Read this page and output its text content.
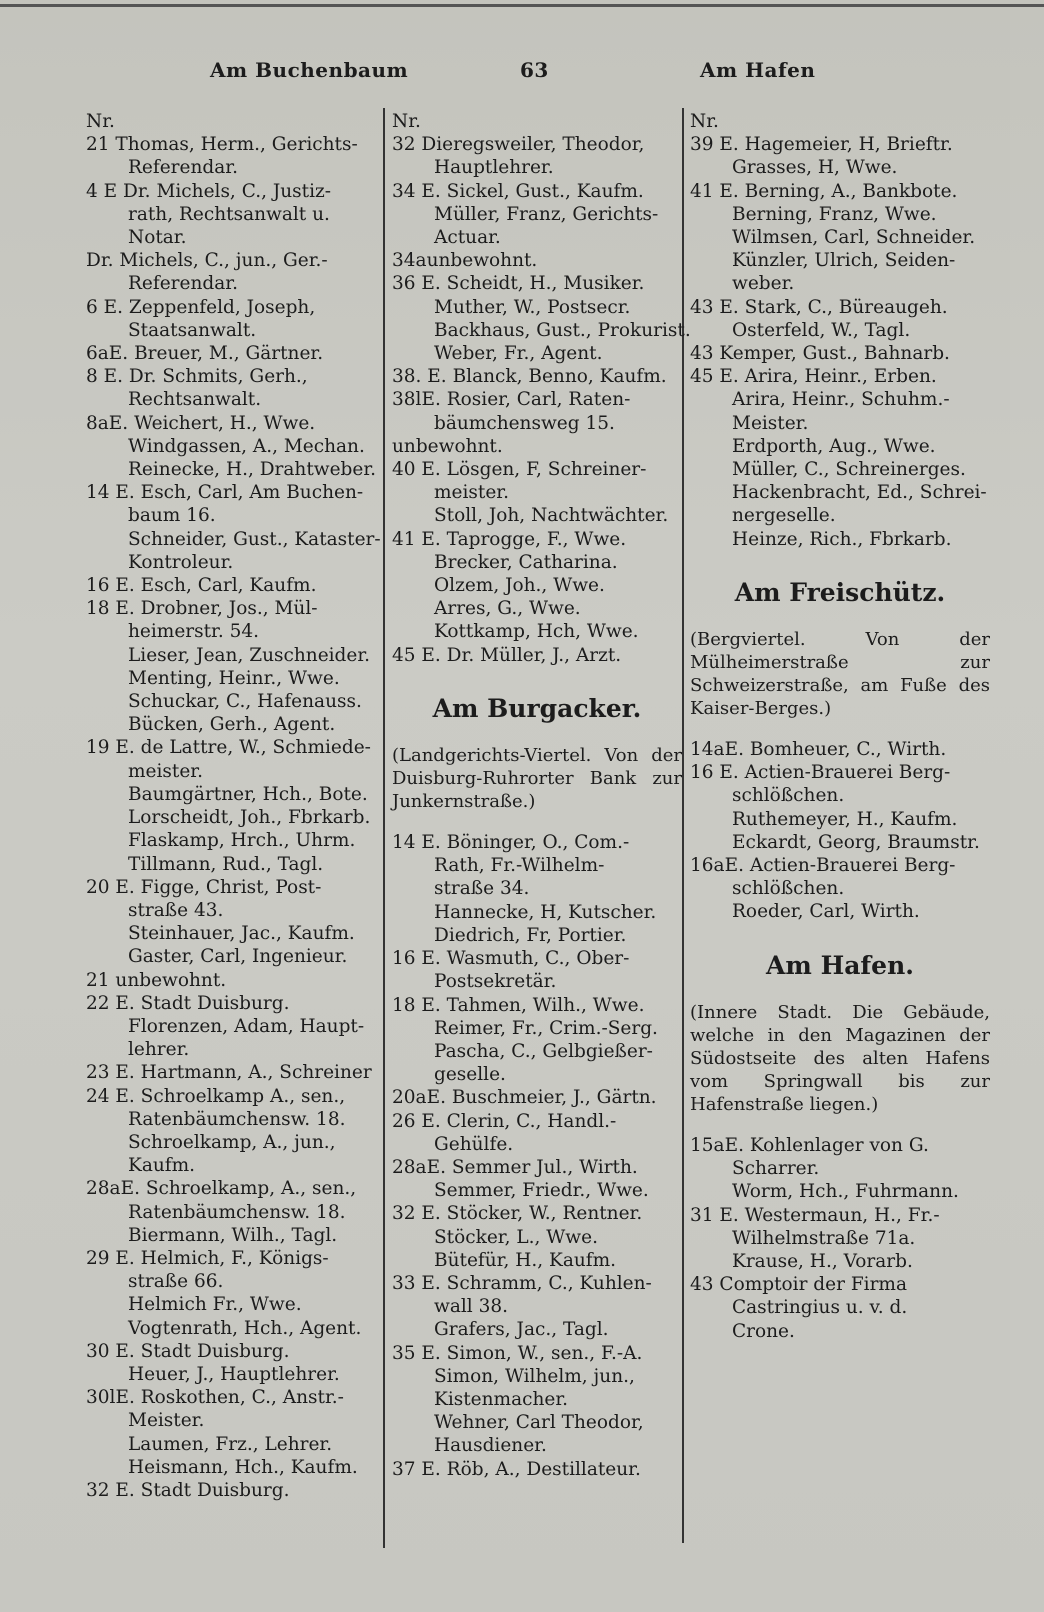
Am Buchenbaum	63	Am Hafen
Nr.
21 Thomas, Herm., Gerichts-
Referendar.
4 E Dr. Michels, C., Justiz-
rath, Rechtsanwalt u.
Notar.
Dr. Michels, C., jun., Ger.-
Referendar.
6 E. Zeppenfeld, Joseph,
Staatsanwalt.
6aE. Breuer, M., Gärtner.
8 E. Dr. Schmits, Gerh.,
Rechtsanwalt.
8aE. Weichert, H., Wwe.
Windgassen, A., Mechan.
Reinecke, H., Drahtweber.
14 E. Esch, Carl, Am Buchen-
baum 16.
Schneider, Gust., Kataster-
Kontroleur.
16 E. Esch, Carl, Kaufm.
18 E. Drobner, Jos., Mül-
heimerstr. 54.
Lieser, Jean, Zuschneider.
Menting, Heinr., Wwe.
Schuckar, C., Hafenauss.
Bücken, Gerh., Agent.
19 E. de Lattre, W., Schmiede-
meister.
Baumgärtner, Hch., Bote.
Lorscheidt, Joh., Fbrkarb.
Flaskamp, Hrch., Uhrm.
Tillmann, Rud., Tagl.
20 E. Figge, Christ, Post-
straße 43.
Steinhauer, Jac., Kaufm.
Gaster, Carl, Ingenieur.
21 unbewohnt.
22 E. Stadt Duisburg.
Florenzen, Adam, Haupt-
lehrer.
23 E. Hartmann, A., Schreiner
24 E. Schroelkamp A., sen.,
Ratenbäumchensw. 18.
Schroelkamp, A., jun.,
Kaufm.
28aE. Schroelkamp, A., sen.,
Ratenbäumchensw. 18.
Biermann, Wilh., Tagl.
29 E. Helmich, F., Königs-
straße 66.
Helmich Fr., Wwe.
Vogtenrath, Hch., Agent.
30 E. Stadt Duisburg.
Heuer, J., Hauptlehrer.
30lE. Roskothen, C., Anstr.-
Meister.
Laumen, Frz., Lehrer.
Heismann, Hch., Kaufm.
32 E. Stadt Duisburg.
Nr.
32 Dieregsweiler, Theodor,
Hauptlehrer.
34 E. Sickel, Gust., Kaufm.
Müller, Franz, Gerichts-
Actuar.
34aunbewohnt.
36 E. Scheidt, H., Musiker.
Muther, W., Postsecr.
Backhaus, Gust., Prokurist.
Weber, Fr., Agent.
38. E. Blanck, Benno, Kaufm.
38lE. Rosier, Carl, Raten-
bäumchensweg 15.
unbewohnt.
40 E. Lösgen, F, Schreiner-
meister.
Stoll, Joh, Nachtwächter.
41 E. Taprogge, F., Wwe.
Brecker, Catharina.
Olzem, Joh., Wwe.
Arres, G., Wwe.
Kottkamp, Hch, Wwe.
45 E. Dr. Müller, J., Arzt.
Am Burgacker.
(Landgerichts-Viertel. Von der Duisburg-Ruhrorter Bank zur Junkernstraße.)
14 E. Böninger, O., Com.-
Rath, Fr.-Wilhelm-
straße 34.
Hannecke, H, Kutscher.
Diedrich, Fr, Portier.
16 E. Wasmuth, C., Ober-
Postsekretär.
18 E. Tahmen, Wilh., Wwe.
Reimer, Fr., Crim.-Serg.
Pascha, C., Gelbgießer-
geselle.
20aE. Buschmeier, J., Gärtn.
26 E. Clerin, C., Handl.-
Gehülfe.
28aE. Semmer Jul., Wirth.
Semmer, Friedr., Wwe.
32 E. Stöcker, W., Rentner.
Stöcker, L., Wwe.
Bütefür, H., Kaufm.
33 E. Schramm, C., Kuhlen-
wall 38.
Grafers, Jac., Tagl.
35 E. Simon, W., sen., F.-A.
Simon, Wilhelm, jun.,
Kistenmacher.
Wehner, Carl Theodor,
Hausdiener.
37 E. Röb, A., Destillateur.
Nr.
39 E. Hagemeier, H, Brieftr.
Grasses, H, Wwe.
41 E. Berning, A., Bankbote.
Berning, Franz, Wwe.
Wilmsen, Carl, Schneider.
Künzler, Ulrich, Seiden-
weber.
43 E. Stark, C., Büreaugeh.
Osterfeld, W., Tagl.
43 Kemper, Gust., Bahnarb.
45 E. Arira, Heinr., Erben.
Arira, Heinr., Schuhm.-
Meister.
Erdporth, Aug., Wwe.
Müller, C., Schreinerges.
Hackenbracht, Ed., Schrei-
nergeselle.
Heinze, Rich., Fbrkarb.
Am Freischütz.
(Bergviertel. Von der Mülheimerstraße zur Schweizerstraße, am Fuße des Kaiser-Berges.)
14aE. Bomheuer, C., Wirth.
16 E. Actien-Brauerei Berg-
schlößchen.
Ruthemeyer, H., Kaufm.
Eckardt, Georg, Braumstr.
16aE. Actien-Brauerei Berg-
schlößchen.
Roeder, Carl, Wirth.
Am Hafen.
(Innere Stadt. Die Gebäude, welche in den Magazinen der Südostseite des alten Hafens vom Springwall bis zur Hafenstraße liegen.)
15aE. Kohlenlager von G.
Scharrer.
Worm, Hch., Fuhrmann.
31 E. Westermaun, H., Fr.-
Wilhelmstraße 71a.
Krause, H., Vorarb.
43 Comptoir der Firma
Castringius u. v. d.
Crone.
